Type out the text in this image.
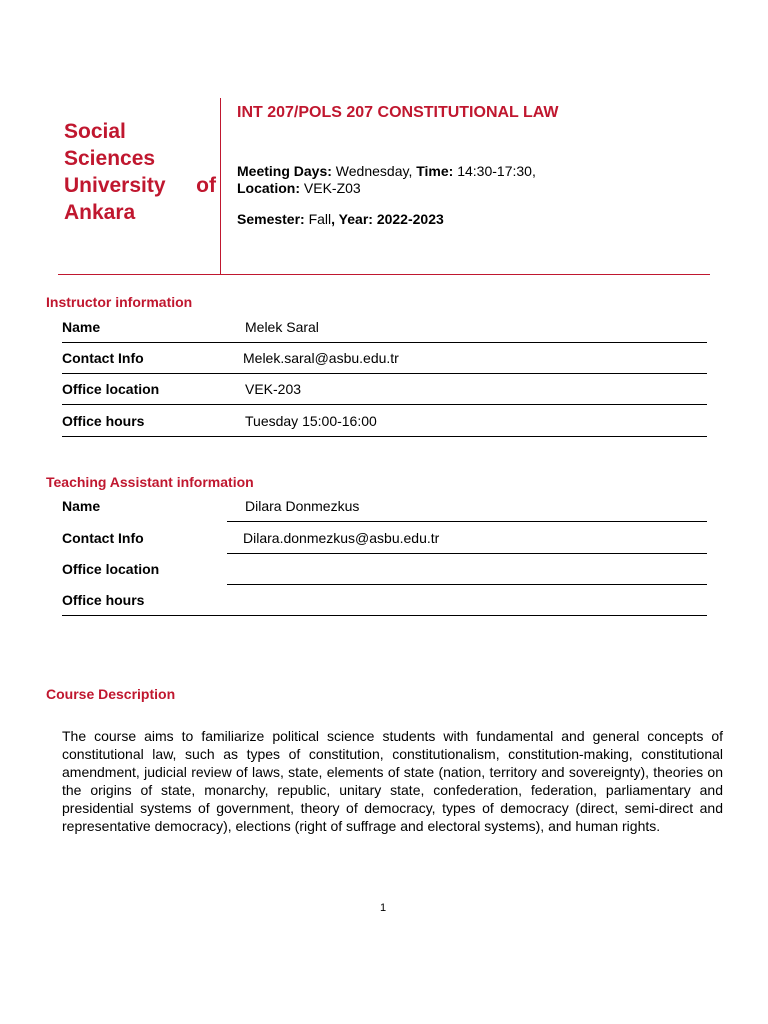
Social
Sciences
University of
Ankara
INT 207/POLS 207 CONSTITUTIONAL LAW
Meeting Days: Wednesday, Time: 14:30-17:30,
Location: VEK-Z03
Semester: Fall, Year: 2022-2023
Instructor information
Name	Melek Saral
Contact Info	Melek.saral@asbu.edu.tr
Office location	VEK-203
Office hours	Tuesday 15:00-16:00
Teaching Assistant information
Name	Dilara Donmezkus
Contact Info	Dilara.donmezkus@asbu.edu.tr
Office location
Office hours
Course Description
The course aims to familiarize political science students with fundamental and general concepts of constitutional law, such as types of constitution, constitutionalism, constitution-making, constitutional amendment, judicial review of laws, state, elements of state (nation, territory and sovereignty), theories on the origins of state, monarchy, republic, unitary state, confederation, federation, parliamentary and presidential systems of government, theory of democracy, types of democracy (direct, semi-direct and representative democracy), elections (right of suffrage and electoral systems), and human rights.
1
